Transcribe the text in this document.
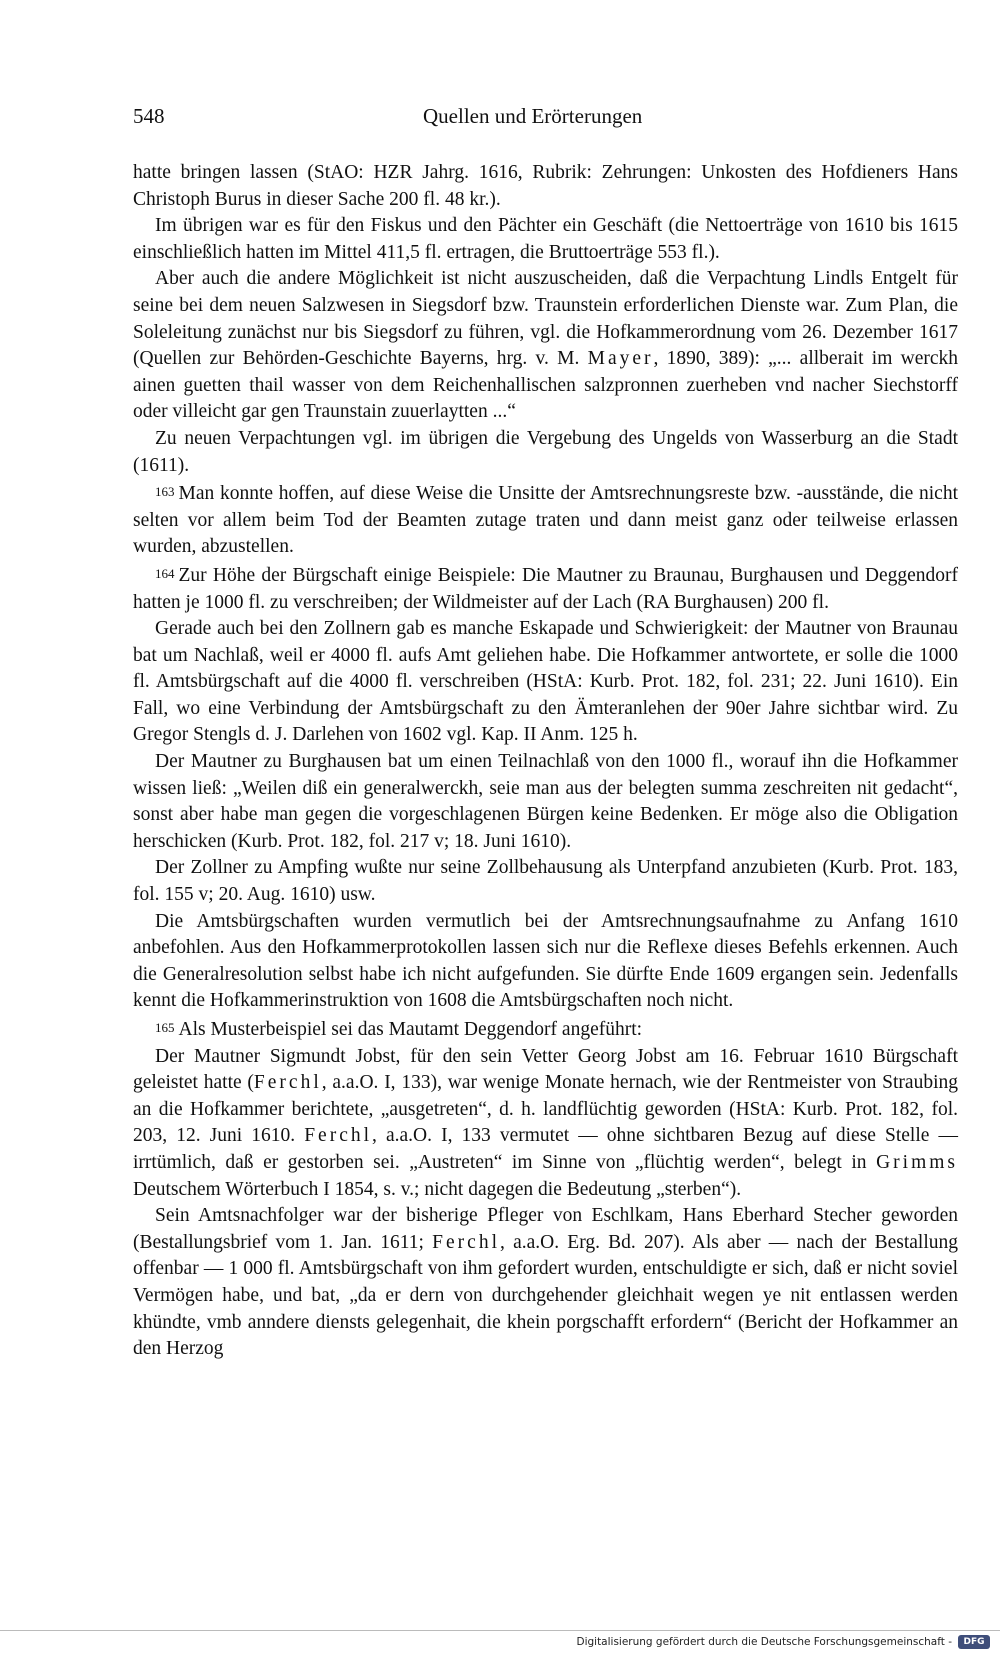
548	Quellen und Erörterungen

hatte bringen lassen (StAO: HZR Jahrg. 1616, Rubrik: Zehrungen: Unkosten des Hofdieners Hans Christoph Burus in dieser Sache 200 fl. 48 kr.).

Im übrigen war es für den Fiskus und den Pächter ein Geschäft (die Nettoerträge von 1610 bis 1615 einschließlich hatten im Mittel 411,5 fl. ertragen, die Bruttoerträge 553 fl.).

Aber auch die andere Möglichkeit ist nicht auszuscheiden, daß die Verpachtung Lindls Entgelt für seine bei dem neuen Salzwesen in Siegsdorf bzw. Traunstein erforderlichen Dienste war. Zum Plan, die Soleleitung zunächst nur bis Siegsdorf zu führen, vgl. die Hofkammerordnung vom 26. Dezember 1617 (Quellen zur Behörden-Geschichte Bayerns, hrg. v. M. Mayer, 1890, 389): „... allberait im werckh ainen guetten thail wasser von dem Reichenhallischen salzpronnen zuerheben vnd nacher Siechstorff oder villeicht gar gen Traunstain zuuerlaytten ...“

Zu neuen Verpachtungen vgl. im übrigen die Vergebung des Ungelds von Wasserburg an die Stadt (1611).

163 Man konnte hoffen, auf diese Weise die Unsitte der Amtsrechnungsreste bzw. -ausstände, die nicht selten vor allem beim Tod der Beamten zutage traten und dann meist ganz oder teilweise erlassen wurden, abzustellen.

164 Zur Höhe der Bürgschaft einige Beispiele: Die Mautner zu Braunau, Burghausen und Deggendorf hatten je 1000 fl. zu verschreiben; der Wildmeister auf der Lach (RA Burghausen) 200 fl.

Gerade auch bei den Zollnern gab es manche Eskapade und Schwierigkeit: der Mautner von Braunau bat um Nachlaß, weil er 4000 fl. aufs Amt geliehen habe. Die Hofkammer antwortete, er solle die 1000 fl. Amtsbürgschaft auf die 4000 fl. verschreiben (HStA: Kurb. Prot. 182, fol. 231; 22. Juni 1610). Ein Fall, wo eine Verbindung der Amtsbürgschaft zu den Ämteranlehen der 90er Jahre sichtbar wird. Zu Gregor Stengls d. J. Darlehen von 1602 vgl. Kap. II Anm. 125 h.

Der Mautner zu Burghausen bat um einen Teilnachlaß von den 1000 fl., worauf ihn die Hofkammer wissen ließ: „Weilen diß ein generalwerckh, seie man aus der belegten summa zeschreiten nit gedacht“, sonst aber habe man gegen die vorgeschlagenen Bürgen keine Bedenken. Er möge also die Obligation herschicken (Kurb. Prot. 182, fol. 217 v; 18. Juni 1610).

Der Zollner zu Ampfing wußte nur seine Zollbehausung als Unterpfand anzubieten (Kurb. Prot. 183, fol. 155 v; 20. Aug. 1610) usw.

Die Amtsbürgschaften wurden vermutlich bei der Amtsrechnungsaufnahme zu Anfang 1610 anbefohlen. Aus den Hofkammerprotokollen lassen sich nur die Reflexe dieses Befehls erkennen. Auch die Generalresolution selbst habe ich nicht aufgefunden. Sie dürfte Ende 1609 ergangen sein. Jedenfalls kennt die Hofkammerinstruktion von 1608 die Amtsbürgschaften noch nicht.

165 Als Musterbeispiel sei das Mautamt Deggendorf angeführt:

Der Mautner Sigmundt Jobst, für den sein Vetter Georg Jobst am 16. Februar 1610 Bürgschaft geleistet hatte (Ferchl, a.a.O. I, 133), war wenige Monate hernach, wie der Rentmeister von Straubing an die Hofkammer berichtete, „ausgetreten“, d. h. landflüchtig geworden (HStA: Kurb. Prot. 182, fol. 203, 12. Juni 1610. Ferchl, a.a.O. I, 133 vermutet — ohne sichtbaren Bezug auf diese Stelle — irrtümlich, daß er gestorben sei. „Austreten“ im Sinne von „flüchtig werden“, belegt in Grimms Deutschem Wörterbuch I 1854, s. v.; nicht dagegen die Bedeutung „sterben“).

Sein Amtsnachfolger war der bisherige Pfleger von Eschlkam, Hans Eberhard Stecher geworden (Bestallungsbrief vom 1. Jan. 1611; Ferchl, a.a.O. Erg. Bd. 207). Als aber — nach der Bestallung offenbar — 1 000 fl. Amtsbürgschaft von ihm gefordert wurden, entschuldigte er sich, daß er nicht soviel Vermögen habe, und bat, „da er dern von durchgehender gleichhait wegen ye nit entlassen werden khündte, vmb anndere diensts gelegenhait, die khein porgschafft erfordern“ (Bericht der Hofkammer an den Herzog

Digitalisierung gefördert durch die Deutsche Forschungsgemeinschaft -	DFG
